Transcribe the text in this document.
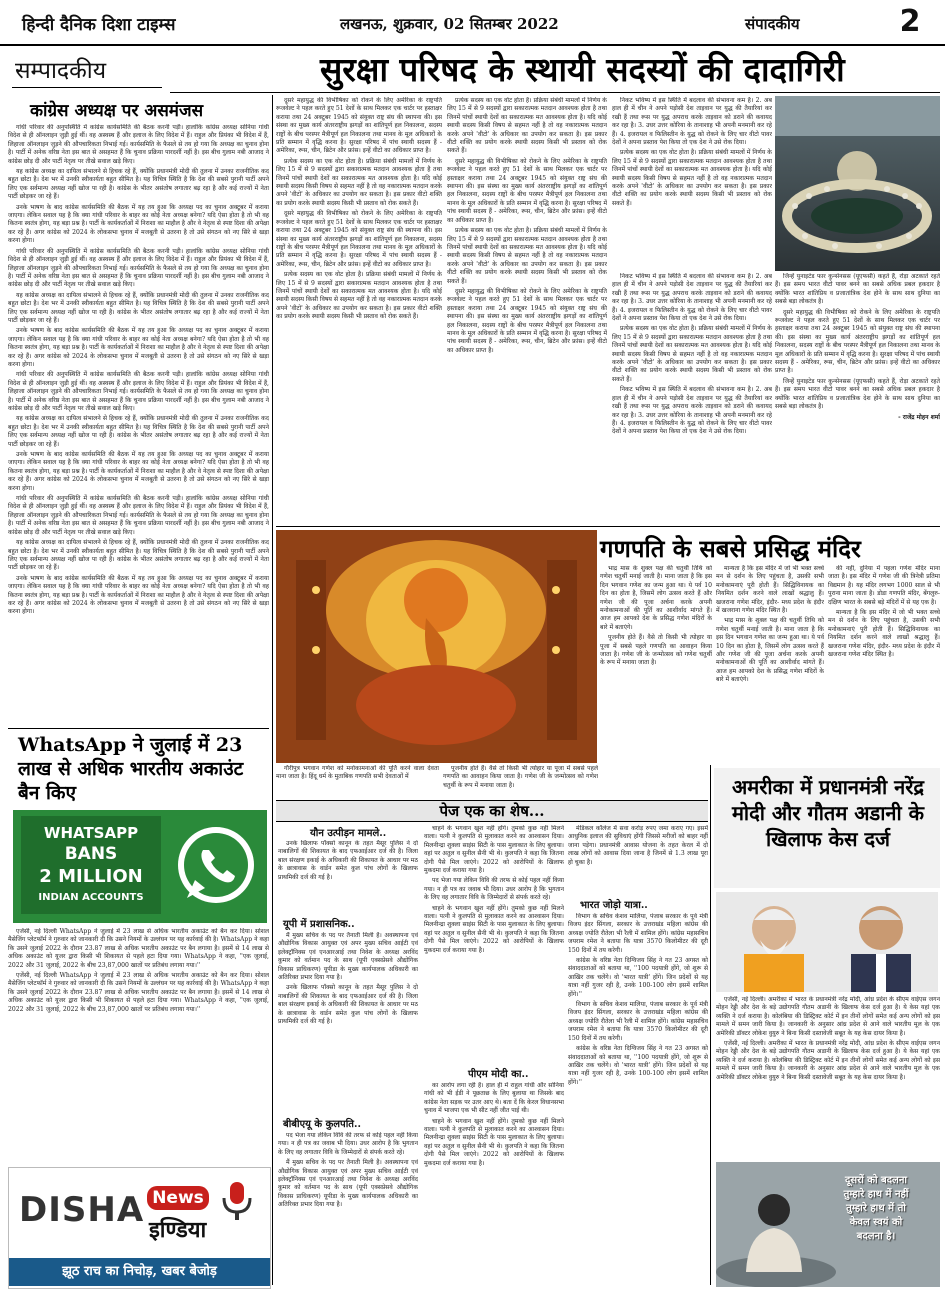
हिन्दी दैनिक दिशा टाइम्स	लखनऊ, शुक्रवार, 02 सितम्बर 2022	संपादकीय	2
सम्पादकीय	सुरक्षा परिषद के स्थायी सदस्यों की दादागिरी
कांग्रेस अध्यक्ष पर असमंजस

गांधी परिवार की अनुपस्थिति में कांग्रेस कार्यसमिति की बैठक करनी पड़ी। हालांकि कांग्रेस अध्यक्ष सोनिया गांधी विदेश से ही ऑनलाइन जुड़ी हुई थीं। वह अस्वस्थ हैं और इलाज के लिए विदेश में हैं। राहुल और प्रियंका भी विदेश में हैं, लिहाजा ऑनलाइन जुड़ने की औपचारिकता निभाई गई। कार्यसमिति के फैसले से तय हो गया कि अध्यक्ष का चुनाव होना है। पार्टी में अनेक वरिष्ठ नेता इस बात से असहमत हैं कि चुनाव प्रक्रिया पारदर्शी नहीं है। इस बीच गुलाम नबी आजाद ने कांग्रेस छोड़ दी और पार्टी नेतृत्व पर तीखे सवाल खड़े किए।

यह कांग्रेस अध्यक्ष का दायित्व संभालने से हिचक रहे हैं, क्योंकि प्रधानमंत्री मोदी की तुलना में उनका राजनीतिक कद बहुत छोटा है। देश भर में उनकी स्वीकार्यता बहुत सीमित है। यह विचित्र स्थिति है कि देश की सबसे पुरानी पार्टी अपने लिए एक सर्वमान्य अध्यक्ष नहीं खोज पा रही है। कांग्रेस के भीतर असंतोष लगातार बढ़ रहा है और कई राज्यों में नेता पार्टी छोड़कर जा रहे हैं।

उनके भाषण के बाद कांग्रेस कार्यसमिति की बैठक में यह तय हुआ कि अध्यक्ष पद का चुनाव अक्टूबर में कराया जाएगा। लेकिन सवाल यह है कि क्या गांधी परिवार के बाहर का कोई नेता अध्यक्ष बनेगा? यदि ऐसा होता है तो भी वह कितना स्वतंत्र होगा, यह बड़ा प्रश्न है। पार्टी के कार्यकर्ताओं में निराशा का माहौल है और वे नेतृत्व से स्पष्ट दिशा की अपेक्षा कर रहे हैं। अगर कांग्रेस को 2024 के लोकसभा चुनाव में मजबूती से उतरना है तो उसे संगठन को नए सिरे से खड़ा करना होगा।

गांधी परिवार की अनुपस्थिति में कांग्रेस कार्यसमिति की बैठक करनी पड़ी। हालांकि कांग्रेस अध्यक्ष सोनिया गांधी विदेश से ही ऑनलाइन जुड़ी हुई थीं। वह अस्वस्थ हैं और इलाज के लिए विदेश में हैं। राहुल और प्रियंका भी विदेश में हैं, लिहाजा ऑनलाइन जुड़ने की औपचारिकता निभाई गई। कार्यसमिति के फैसले से तय हो गया कि अध्यक्ष का चुनाव होना है। पार्टी में अनेक वरिष्ठ नेता इस बात से असहमत हैं कि चुनाव प्रक्रिया पारदर्शी नहीं है। इस बीच गुलाम नबी आजाद ने कांग्रेस छोड़ दी और पार्टी नेतृत्व पर तीखे सवाल खड़े किए।

यह कांग्रेस अध्यक्ष का दायित्व संभालने से हिचक रहे हैं, क्योंकि प्रधानमंत्री मोदी की तुलना में उनका राजनीतिक कद बहुत छोटा है। देश भर में उनकी स्वीकार्यता बहुत सीमित है। यह विचित्र स्थिति है कि देश की सबसे पुरानी पार्टी अपने लिए एक सर्वमान्य अध्यक्ष नहीं खोज पा रही है। कांग्रेस के भीतर असंतोष लगातार बढ़ रहा है और कई राज्यों में नेता पार्टी छोड़कर जा रहे हैं।

उनके भाषण के बाद कांग्रेस कार्यसमिति की बैठक में यह तय हुआ कि अध्यक्ष पद का चुनाव अक्टूबर में कराया जाएगा। लेकिन सवाल यह है कि क्या गांधी परिवार के बाहर का कोई नेता अध्यक्ष बनेगा? यदि ऐसा होता है तो भी वह कितना स्वतंत्र होगा, यह बड़ा प्रश्न है। पार्टी के कार्यकर्ताओं में निराशा का माहौल है और वे नेतृत्व से स्पष्ट दिशा की अपेक्षा कर रहे हैं। अगर कांग्रेस को 2024 के लोकसभा चुनाव में मजबूती से उतरना है तो उसे संगठन को नए सिरे से खड़ा करना होगा।

गांधी परिवार की अनुपस्थिति में कांग्रेस कार्यसमिति की बैठक करनी पड़ी। हालांकि कांग्रेस अध्यक्ष सोनिया गांधी विदेश से ही ऑनलाइन जुड़ी हुई थीं। वह अस्वस्थ हैं और इलाज के लिए विदेश में हैं। राहुल और प्रियंका भी विदेश में हैं, लिहाजा ऑनलाइन जुड़ने की औपचारिकता निभाई गई। कार्यसमिति के फैसले से तय हो गया कि अध्यक्ष का चुनाव होना है। पार्टी में अनेक वरिष्ठ नेता इस बात से असहमत हैं कि चुनाव प्रक्रिया पारदर्शी नहीं है। इस बीच गुलाम नबी आजाद ने कांग्रेस छोड़ दी और पार्टी नेतृत्व पर तीखे सवाल खड़े किए।

यह कांग्रेस अध्यक्ष का दायित्व संभालने से हिचक रहे हैं, क्योंकि प्रधानमंत्री मोदी की तुलना में उनका राजनीतिक कद बहुत छोटा है। देश भर में उनकी स्वीकार्यता बहुत सीमित है। यह विचित्र स्थिति है कि देश की सबसे पुरानी पार्टी अपने लिए एक सर्वमान्य अध्यक्ष नहीं खोज पा रही है। कांग्रेस के भीतर असंतोष लगातार बढ़ रहा है और कई राज्यों में नेता पार्टी छोड़कर जा रहे हैं।

उनके भाषण के बाद कांग्रेस कार्यसमिति की बैठक में यह तय हुआ कि अध्यक्ष पद का चुनाव अक्टूबर में कराया जाएगा। लेकिन सवाल यह है कि क्या गांधी परिवार के बाहर का कोई नेता अध्यक्ष बनेगा? यदि ऐसा होता है तो भी वह कितना स्वतंत्र होगा, यह बड़ा प्रश्न है। पार्टी के कार्यकर्ताओं में निराशा का माहौल है और वे नेतृत्व से स्पष्ट दिशा की अपेक्षा कर रहे हैं। अगर कांग्रेस को 2024 के लोकसभा चुनाव में मजबूती से उतरना है तो उसे संगठन को नए सिरे से खड़ा करना होगा।

गांधी परिवार की अनुपस्थिति में कांग्रेस कार्यसमिति की बैठक करनी पड़ी। हालांकि कांग्रेस अध्यक्ष सोनिया गांधी विदेश से ही ऑनलाइन जुड़ी हुई थीं। वह अस्वस्थ हैं और इलाज के लिए विदेश में हैं। राहुल और प्रियंका भी विदेश में हैं, लिहाजा ऑनलाइन जुड़ने की औपचारिकता निभाई गई। कार्यसमिति के फैसले से तय हो गया कि अध्यक्ष का चुनाव होना है। पार्टी में अनेक वरिष्ठ नेता इस बात से असहमत हैं कि चुनाव प्रक्रिया पारदर्शी नहीं है। इस बीच गुलाम नबी आजाद ने कांग्रेस छोड़ दी और पार्टी नेतृत्व पर तीखे सवाल खड़े किए।

यह कांग्रेस अध्यक्ष का दायित्व संभालने से हिचक रहे हैं, क्योंकि प्रधानमंत्री मोदी की तुलना में उनका राजनीतिक कद बहुत छोटा है। देश भर में उनकी स्वीकार्यता बहुत सीमित है। यह विचित्र स्थिति है कि देश की सबसे पुरानी पार्टी अपने लिए एक सर्वमान्य अध्यक्ष नहीं खोज पा रही है। कांग्रेस के भीतर असंतोष लगातार बढ़ रहा है और कई राज्यों में नेता पार्टी छोड़कर जा रहे हैं।

उनके भाषण के बाद कांग्रेस कार्यसमिति की बैठक में यह तय हुआ कि अध्यक्ष पद का चुनाव अक्टूबर में कराया जाएगा। लेकिन सवाल यह है कि क्या गांधी परिवार के बाहर का कोई नेता अध्यक्ष बनेगा? यदि ऐसा होता है तो भी वह कितना स्वतंत्र होगा, यह बड़ा प्रश्न है। पार्टी के कार्यकर्ताओं में निराशा का माहौल है और वे नेतृत्व से स्पष्ट दिशा की अपेक्षा कर रहे हैं। अगर कांग्रेस को 2024 के लोकसभा चुनाव में मजबूती से उतरना है तो उसे संगठन को नए सिरे से खड़ा करना होगा।

दूसरे महायुद्ध की विभीषिका को रोकने के लिए अमेरिका के राष्ट्रपति रूजवेल्ट ने पहल करते हुए 51 देशों के साथ मिलकर एक चार्टर पर हस्ताक्षर कराया तथा 24 अक्टूबर 1945 को संयुक्त राष्ट्र संघ की स्थापना की। इस संस्था का मुख्य कार्य अंतरराष्ट्रीय झगड़ों का शांतिपूर्ण हल निकालना, सदस्य राष्ट्रों के बीच परस्पर मैत्रीपूर्ण हल निकालना तथा मानव के मूल अधिकारों के प्रति सम्मान में वृद्धि करना है। सुरक्षा परिषद में पांच स्थायी सदस्य हैं - अमेरिका, रूस, चीन, ब्रिटेन और फ्रांस। इन्हें वीटो का अधिकार प्राप्त है।

प्रत्येक सदस्य का एक वोट होता है। प्रक्रिया संबंधी मामलों में निर्णय के लिए 15 में से 9 सदस्यों द्वारा सकारात्मक मतदान आवश्यक होता है तथा जिनमें पांचों स्थायी देशों का सकारात्मक मत आवश्यक होता है। यदि कोई स्थायी सदस्य किसी विषय से सहमत नहीं है तो वह नकारात्मक मतदान करके अपने 'वीटो' के अधिकार का उपयोग कर सकता है। इस प्रकार वीटो शक्ति का प्रयोग करके स्थायी सदस्य किसी भी प्रस्ताव को रोक सकते हैं।

दूसरे महायुद्ध की विभीषिका को रोकने के लिए अमेरिका के राष्ट्रपति रूजवेल्ट ने पहल करते हुए 51 देशों के साथ मिलकर एक चार्टर पर हस्ताक्षर कराया तथा 24 अक्टूबर 1945 को संयुक्त राष्ट्र संघ की स्थापना की। इस संस्था का मुख्य कार्य अंतरराष्ट्रीय झगड़ों का शांतिपूर्ण हल निकालना, सदस्य राष्ट्रों के बीच परस्पर मैत्रीपूर्ण हल निकालना तथा मानव के मूल अधिकारों के प्रति सम्मान में वृद्धि करना है। सुरक्षा परिषद में पांच स्थायी सदस्य हैं - अमेरिका, रूस, चीन, ब्रिटेन और फ्रांस। इन्हें वीटो का अधिकार प्राप्त है।

प्रत्येक सदस्य का एक वोट होता है। प्रक्रिया संबंधी मामलों में निर्णय के लिए 15 में से 9 सदस्यों द्वारा सकारात्मक मतदान आवश्यक होता है तथा जिनमें पांचों स्थायी देशों का सकारात्मक मत आवश्यक होता है। यदि कोई स्थायी सदस्य किसी विषय से सहमत नहीं है तो वह नकारात्मक मतदान करके अपने 'वीटो' के अधिकार का उपयोग कर सकता है। इस प्रकार वीटो शक्ति का प्रयोग करके स्थायी सदस्य किसी भी प्रस्ताव को रोक सकते हैं।

प्रत्येक सदस्य का एक वोट होता है। प्रक्रिया संबंधी मामलों में निर्णय के लिए 15 में से 9 सदस्यों द्वारा सकारात्मक मतदान आवश्यक होता है तथा जिनमें पांचों स्थायी देशों का सकारात्मक मत आवश्यक होता है। यदि कोई स्थायी सदस्य किसी विषय से सहमत नहीं है तो वह नकारात्मक मतदान करके अपने 'वीटो' के अधिकार का उपयोग कर सकता है। इस प्रकार वीटो शक्ति का प्रयोग करके स्थायी सदस्य किसी भी प्रस्ताव को रोक सकते हैं।

दूसरे महायुद्ध की विभीषिका को रोकने के लिए अमेरिका के राष्ट्रपति रूजवेल्ट ने पहल करते हुए 51 देशों के साथ मिलकर एक चार्टर पर हस्ताक्षर कराया तथा 24 अक्टूबर 1945 को संयुक्त राष्ट्र संघ की स्थापना की। इस संस्था का मुख्य कार्य अंतरराष्ट्रीय झगड़ों का शांतिपूर्ण हल निकालना, सदस्य राष्ट्रों के बीच परस्पर मैत्रीपूर्ण हल निकालना तथा मानव के मूल अधिकारों के प्रति सम्मान में वृद्धि करना है। सुरक्षा परिषद में पांच स्थायी सदस्य हैं - अमेरिका, रूस, चीन, ब्रिटेन और फ्रांस। इन्हें वीटो का अधिकार प्राप्त है।

प्रत्येक सदस्य का एक वोट होता है। प्रक्रिया संबंधी मामलों में निर्णय के लिए 15 में से 9 सदस्यों द्वारा सकारात्मक मतदान आवश्यक होता है तथा जिनमें पांचों स्थायी देशों का सकारात्मक मत आवश्यक होता है। यदि कोई स्थायी सदस्य किसी विषय से सहमत नहीं है तो वह नकारात्मक मतदान करके अपने 'वीटो' के अधिकार का उपयोग कर सकता है। इस प्रकार वीटो शक्ति का प्रयोग करके स्थायी सदस्य किसी भी प्रस्ताव को रोक सकते हैं।

दूसरे महायुद्ध की विभीषिका को रोकने के लिए अमेरिका के राष्ट्रपति रूजवेल्ट ने पहल करते हुए 51 देशों के साथ मिलकर एक चार्टर पर हस्ताक्षर कराया तथा 24 अक्टूबर 1945 को संयुक्त राष्ट्र संघ की स्थापना की। इस संस्था का मुख्य कार्य अंतरराष्ट्रीय झगड़ों का शांतिपूर्ण हल निकालना, सदस्य राष्ट्रों के बीच परस्पर मैत्रीपूर्ण हल निकालना तथा मानव के मूल अधिकारों के प्रति सम्मान में वृद्धि करना है। सुरक्षा परिषद में पांच स्थायी सदस्य हैं - अमेरिका, रूस, चीन, ब्रिटेन और फ्रांस। इन्हें वीटो का अधिकार प्राप्त है।

निकट भविष्य में इस स्थिति में बदलाव की संभावना कम है। 2. अब हाल ही में चीन ने अपने पड़ोसी देश ताइवान पर युद्ध की तैयारियां कर रखी हैं तथा रूस पर युद्ध अपराध करके ताइवान को डराने की कवायद कर रहा है। 3. उधर उत्तर कोरिया के तानाशाह भी अपनी मनमानी कर रहे हैं। 4. इजरायल व फिलिस्तीन के युद्ध को रोकने के लिए चार वीटो पावर देशों ने अपना प्रस्ताव पेश किया तो एक देश ने उसे रोक दिया।

प्रत्येक सदस्य का एक वोट होता है। प्रक्रिया संबंधी मामलों में निर्णय के लिए 15 में से 9 सदस्यों द्वारा सकारात्मक मतदान आवश्यक होता है तथा जिनमें पांचों स्थायी देशों का सकारात्मक मत आवश्यक होता है। यदि कोई स्थायी सदस्य किसी विषय से सहमत नहीं है तो वह नकारात्मक मतदान करके अपने 'वीटो' के अधिकार का उपयोग कर सकता है। इस प्रकार वीटो शक्ति का प्रयोग करके स्थायी सदस्य किसी भी प्रस्ताव को रोक सकते हैं।

निकट भविष्य में इस स्थिति में बदलाव की संभावना कम है। 2. अब हाल ही में चीन ने अपने पड़ोसी देश ताइवान पर युद्ध की तैयारियां कर रखी हैं तथा रूस पर युद्ध अपराध करके ताइवान को डराने की कवायद कर रहा है। 3. उधर उत्तर कोरिया के तानाशाह भी अपनी मनमानी कर रहे हैं। 4. इजरायल व फिलिस्तीन के युद्ध को रोकने के लिए चार वीटो पावर देशों ने अपना प्रस्ताव पेश किया तो एक देश ने उसे रोक दिया।

प्रत्येक सदस्य का एक वोट होता है। प्रक्रिया संबंधी मामलों में निर्णय के लिए 15 में से 9 सदस्यों द्वारा सकारात्मक मतदान आवश्यक होता है तथा जिनमें पांचों स्थायी देशों का सकारात्मक मत आवश्यक होता है। यदि कोई स्थायी सदस्य किसी विषय से सहमत नहीं है तो वह नकारात्मक मतदान करके अपने 'वीटो' के अधिकार का उपयोग कर सकता है। इस प्रकार वीटो शक्ति का प्रयोग करके स्थायी सदस्य किसी भी प्रस्ताव को रोक सकते हैं।

निकट भविष्य में इस स्थिति में बदलाव की संभावना कम है। 2. अब हाल ही में चीन ने अपने पड़ोसी देश ताइवान पर युद्ध की तैयारियां कर रखी हैं तथा रूस पर युद्ध अपराध करके ताइवान को डराने की कवायद कर रहा है। 3. उधर उत्तर कोरिया के तानाशाह भी अपनी मनमानी कर रहे हैं। 4. इजरायल व फिलिस्तीन के युद्ध को रोकने के लिए चार वीटो पावर देशों ने अपना प्रस्ताव पेश किया तो एक देश ने उसे रोक दिया।

जिन्हें युनाइटेड फार कुन्सेनसस (यूएफसी) कहते हैं, रोड़ा अटकाते रहते हैं। इस समय भारत वीटो पावर बनने का सबसे अधिक प्रबल हकदार है क्योंकि भारत शांतिप्रिय व प्रजातांत्रिक देश होने के साथ साथ दुनिया का सबसे बड़ा लोकतंत्र है।

दूसरे महायुद्ध की विभीषिका को रोकने के लिए अमेरिका के राष्ट्रपति रूजवेल्ट ने पहल करते हुए 51 देशों के साथ मिलकर एक चार्टर पर हस्ताक्षर कराया तथा 24 अक्टूबर 1945 को संयुक्त राष्ट्र संघ की स्थापना की। इस संस्था का मुख्य कार्य अंतरराष्ट्रीय झगड़ों का शांतिपूर्ण हल निकालना, सदस्य राष्ट्रों के बीच परस्पर मैत्रीपूर्ण हल निकालना तथा मानव के मूल अधिकारों के प्रति सम्मान में वृद्धि करना है। सुरक्षा परिषद में पांच स्थायी सदस्य हैं - अमेरिका, रूस, चीन, ब्रिटेन और फ्रांस। इन्हें वीटो का अधिकार प्राप्त है।

जिन्हें युनाइटेड फार कुन्सेनसस (यूएफसी) कहते हैं, रोड़ा अटकाते रहते हैं। इस समय भारत वीटो पावर बनने का सबसे अधिक प्रबल हकदार है क्योंकि भारत शांतिप्रिय व प्रजातांत्रिक देश होने के साथ साथ दुनिया का सबसे बड़ा लोकतंत्र है।

- राजेंद्र मोहन शर्मा

गणपति के सबसे प्रसिद्ध मंदिर

भाद्र मास के शुक्ल पक्ष की चतुर्थी तिथि को गणेश चतुर्थी मनाई जाती है। माना जाता है कि इस दिन भगवान गणेश का जन्म हुआ था। ये पर्व 10 दिन का होता है, जिसमें लोग उत्सव करते हैं और गणेश जी की पूजा अर्चना करके अपनी मनोकामनाओं की पूर्ति का आशीर्वाद मांगते हैं। आज हम आपको देश के प्रसिद्ध गणेश मंदिरों के बारे में बताएंगे।

पूजनीय होते हैं। वैसे तो किसी भी त्योहार या पूजा में सबसे पहले गणपति का आवाहन किया जाता है। गणेश जी के जन्मोत्सव को गणेश चतुर्थी के रूप में मनाया जाता है।

मान्यता है कि इस मंदिर में जो भी भक्त सच्चे मन से दर्शन के लिए पहुंचता है, उसकी सभी मनोकामनाएं पूरी होती हैं। सिद्धिविनायक का नियमित दर्शन करने वाले लाखों श्रद्धालु हैं। खजराना गणेश मंदिर, इंदौर- मध्य प्रदेश के इंदौर में खजराना गणेश मंदिर स्थित है।

भाद्र मास के शुक्ल पक्ष की चतुर्थी तिथि को गणेश चतुर्थी मनाई जाती है। माना जाता है कि इस दिन भगवान गणेश का जन्म हुआ था। ये पर्व 10 दिन का होता है, जिसमें लोग उत्सव करते हैं और गणेश जी की पूजा अर्चना करके अपनी मनोकामनाओं की पूर्ति का आशीर्वाद मांगते हैं। आज हम आपको देश के प्रसिद्ध गणेश मंदिरों के बारे में बताएंगे।

की नहीं, दुनिया में पहला गणेश मंदिर माना जाता है। इस मंदिर में गणेश जी की त्रिनेत्री प्रतिमा विद्यमान है। यह मंदिर लगभग 1000 साल से भी पुराना माना जाता है। डोडा गणपति मंदिर, बेंगलुरु- दक्षिण भारत के सबसे बड़े मंदिरों में से यह एक है।

मान्यता है कि इस मंदिर में जो भी भक्त सच्चे मन से दर्शन के लिए पहुंचता है, उसकी सभी मनोकामनाएं पूरी होती हैं। सिद्धिविनायक का नियमित दर्शन करने वाले लाखों श्रद्धालु हैं। खजराना गणेश मंदिर, इंदौर- मध्य प्रदेश के इंदौर में खजराना गणेश मंदिर स्थित है।

गौरीपुत्र भगवान गणेश को मनोकामनाओं की पूर्ति करने वाला देवता माना जाता है। हिंदू धर्म के मुताबिक गणपति सभी देवताओं में

पूजनीय होते हैं। वैसे तो किसी भी त्योहार या पूजा में सबसे पहले गणपति का आवाहन किया जाता है। गणेश जी के जन्मोत्सव को गणेश चतुर्थी के रूप में मनाया जाता है।

पेज एक का शेष...
यौन उत्पीड़न मामले..

उनके खिलाफ पॉक्सो कानून के तहत मैसूर पुलिस ने दो नाबालिगों की शिकायत के बाद एफआईआर दर्ज की है। जिला बाल संरक्षण इकाई के अधिकारी की शिकायत के आधार पर मठ के छात्रावास के वार्डन समेत कुल पांच लोगों के खिलाफ प्राथमिकी दर्ज की गई है।

यूपी में प्रशासनिक..

मैं मुख्य सचिव के पद पर तैनाती मिली है। अवस्थापना एवं औद्योगिक विकास आयुक्त एवं अपर मुख्य सचिव आईटी एवं इलेक्ट्रॉनिक्स एवं एनआरआई तथा निवेश के अध्यक्ष अरविंद कुमार को वर्तमान पद के साथ (यूपी एक्सप्रेसवे औद्योगिक विकास प्राधिकरण) यूपीडा के मुख्य कार्यपालक अधिकारी का अतिरिक्त प्रभार दिया गया है।

उनके खिलाफ पॉक्सो कानून के तहत मैसूर पुलिस ने दो नाबालिगों की शिकायत के बाद एफआईआर दर्ज की है। जिला बाल संरक्षण इकाई के अधिकारी की शिकायत के आधार पर मठ के छात्रावास के वार्डन समेत कुल पांच लोगों के खिलाफ प्राथमिकी दर्ज की गई है।

बीबीएयू के कुलपति..

पद भेजा गया लेकिन विवि की तरफ से कोई पहल नहीं किया गया। न ही पत्र का जवाब भी दिया। उधर आरोप है कि भुगतान के लिए वह लगातार विवि के जिम्मेदारों से संपर्क करते रहे।

मैं मुख्य सचिव के पद पर तैनाती मिली है। अवस्थापना एवं औद्योगिक विकास आयुक्त एवं अपर मुख्य सचिव आईटी एवं इलेक्ट्रॉनिक्स एवं एनआरआई तथा निवेश के अध्यक्ष अरविंद कुमार को वर्तमान पद के साथ (यूपी एक्सप्रेसवे औद्योगिक विकास प्राधिकरण) यूपीडा के मुख्य कार्यपालक अधिकारी का अतिरिक्त प्रभार दिया गया है।

चाहने के भगवान खुश नहीं होंगे। तुमको कुछ नहीं मिलने वाला। पत्नी ने कुलपति से मुलाकात करने का आश्वासन दिया। मिलनीन्द्रा शुक्ला साइंस सिटी के पास मुलाकात के लिए बुलाया। वहां पर अतुल व सुनील सैनी भी थे। कुलपति ने कहा कि जितना दोगी पैसे मिल जाएंगे। 2022 को आरोपियों के खिलाफ मुकदमा दर्ज कराया गया है।

पद भेजा गया लेकिन विवि की तरफ से कोई पहल नहीं किया गया। न ही पत्र का जवाब भी दिया। उधर आरोप है कि भुगतान के लिए वह लगातार विवि के जिम्मेदारों से संपर्क करते रहे।

चाहने के भगवान खुश नहीं होंगे। तुमको कुछ नहीं मिलने वाला। पत्नी ने कुलपति से मुलाकात करने का आश्वासन दिया। मिलनीन्द्रा शुक्ला साइंस सिटी के पास मुलाकात के लिए बुलाया। वहां पर अतुल व सुनील सैनी भी थे। कुलपति ने कहा कि जितना दोगी पैसे मिल जाएंगे। 2022 को आरोपियों के खिलाफ मुकदमा दर्ज कराया गया है।

पीएम मोदी का..

का आरोप लगा रही है। हाल ही में राहुल गांधी और सोनिया गांधी को भी ईडी ने पूछताछ के लिए बुलाया था जिसके बाद कांग्रेस नेता सड़क पर उतर आए थे। बता दें कि केरल विधानसभा चुनाव में भाजपा एक भी सीट नहीं जीत पाई थी।

चाहने के भगवान खुश नहीं होंगे। तुमको कुछ नहीं मिलने वाला। पत्नी ने कुलपति से मुलाकात करने का आश्वासन दिया। मिलनीन्द्रा शुक्ला साइंस सिटी के पास मुलाकात के लिए बुलाया। वहां पर अतुल व सुनील सैनी भी थे। कुलपति ने कहा कि जितना दोगी पैसे मिल जाएंगे। 2022 को आरोपियों के खिलाफ मुकदमा दर्ज कराया गया है।

मेडिकल कॉलेज में सवा करोड़ रुपए जमा कराए गए। इसमें आधुनिक इलाज की सुविधाएं होंगी जिससे मरीजों को बाहर नहीं जाना पड़ेगा। प्रधानमंत्री आवास योजना के तहत केरल में दो लाख लोगों को आवास दिया जाना है जिनमें से 1.3 लाख पूरा हो चुका है।

भारत जोड़ो यात्रा..

विभाग के सचिव केशव मालिया, पंजाब सरकार के पूर्व मंत्री विजय इंदर सिंगला, सरकार के उत्तराखंड महिला कांग्रेस की अध्यक्ष ज्योति रौतेला भी रैली में शामिल होंगे। कांग्रेस महासचिव जयराम रमेश ने बताया कि यात्रा 3570 किलोमीटर की दूरी 150 दिनों में तय करेगी।

कांग्रेस के वरिष्ठ नेता दिग्विजय सिंह ने गत 23 अगस्त को संवाददाताओं को बताया था, ''100 पदयात्री होंगे, जो शुरू से आखिर तक चलेंगे। वो 'भारत यात्री' होंगे। जिन प्रदेशों से यह यात्रा नहीं गुजर रही है, उनके 100-100 लोग इसमें शामिल होंगे।''

विभाग के सचिव केशव मालिया, पंजाब सरकार के पूर्व मंत्री विजय इंदर सिंगला, सरकार के उत्तराखंड महिला कांग्रेस की अध्यक्ष ज्योति रौतेला भी रैली में शामिल होंगे। कांग्रेस महासचिव जयराम रमेश ने बताया कि यात्रा 3570 किलोमीटर की दूरी 150 दिनों में तय करेगी।

कांग्रेस के वरिष्ठ नेता दिग्विजय सिंह ने गत 23 अगस्त को संवाददाताओं को बताया था, ''100 पदयात्री होंगे, जो शुरू से आखिर तक चलेंगे। वो 'भारत यात्री' होंगे। जिन प्रदेशों से यह यात्रा नहीं गुजर रही है, उनके 100-100 लोग इसमें शामिल होंगे।''

WhatsApp ने जुलाई में 23 लाख से अधिक भारतीय अकाउंट बैन किए
WHATSAPP
BANS
2 MILLION
INDIAN ACCOUNTS

एजेंसी, नई दिल्ली WhatsApp ने जुलाई में 23 लाख से अधिक भारतीय अकाउंट को बैन कर दिया। सोशल मैसेजिंग प्लेटफॉर्म ने गुरुवार को जानकारी दी कि उसने नियमों के उल्लंघन पर यह कार्रवाई की है। WhatsApp ने कहा कि उसने जुलाई 2022 के दौरान 23.87 लाख से अधिक भारतीय अकाउंट पर बैन लगाया है। इसमें से 14 लाख से अधिक अकाउंट को यूजर द्वारा किसी भी शिकायत से पहले हटा दिया गया। WhatsApp ने कहा, ''एक जुलाई, 2022 और 31 जुलाई, 2022 के बीच 23,87,000 खातों पर प्रतिबंध लगाया गया।''

एजेंसी, नई दिल्ली WhatsApp ने जुलाई में 23 लाख से अधिक भारतीय अकाउंट को बैन कर दिया। सोशल मैसेजिंग प्लेटफॉर्म ने गुरुवार को जानकारी दी कि उसने नियमों के उल्लंघन पर यह कार्रवाई की है। WhatsApp ने कहा कि उसने जुलाई 2022 के दौरान 23.87 लाख से अधिक भारतीय अकाउंट पर बैन लगाया है। इसमें से 14 लाख से अधिक अकाउंट को यूजर द्वारा किसी भी शिकायत से पहले हटा दिया गया। WhatsApp ने कहा, ''एक जुलाई, 2022 और 31 जुलाई, 2022 के बीच 23,87,000 खातों पर प्रतिबंध लगाया गया।''

DISHA News
इण्डिया
झूठ राच का निचोड़, खबर बेजोड़
अमरीका में प्रधानमंत्री नरेंद्र मोदी और गौतम अडानी के खिलाफ केस दर्ज

एजेंसी, नई दिल्ली। अमरीका में भारत के प्रधानमंत्री नरेंद्र मोदी, आंध्र प्रदेश के सीएम वाईएस जगन मोहन रेड्डी और देश के बड़े उद्योगपति गौतम अडानी के खिलाफ केस दर्ज हुआ है। ये केस यहां एक व्यक्ति ने दर्ज कराया है। कोलंबिया की डिस्ट्रिक्ट कोर्ट में इन तीनों लोगों समेत कई अन्य लोगों को इस मामले में समन जारी किया है। जानकारी के अनुसार आंध्र प्रदेश से आने वाले भारतीय मूल के एक अमेरिकी डॉक्टर लोकेश वुयुरु ने बिना किसी दस्तावेजी सबूत के यह केस दायर किया है।

एजेंसी, नई दिल्ली। अमरीका में भारत के प्रधानमंत्री नरेंद्र मोदी, आंध्र प्रदेश के सीएम वाईएस जगन मोहन रेड्डी और देश के बड़े उद्योगपति गौतम अडानी के खिलाफ केस दर्ज हुआ है। ये केस यहां एक व्यक्ति ने दर्ज कराया है। कोलंबिया की डिस्ट्रिक्ट कोर्ट में इन तीनों लोगों समेत कई अन्य लोगों को इस मामले में समन जारी किया है। जानकारी के अनुसार आंध्र प्रदेश से आने वाले भारतीय मूल के एक अमेरिकी डॉक्टर लोकेश वुयुरु ने बिना किसी दस्तावेजी सबूत के यह केस दायर किया है।

दूसरों को बदलना
तुम्हारे हाथ में नहीं
तुम्हारे हाथ में तो
केवल स्वयं को
बदलना है।
